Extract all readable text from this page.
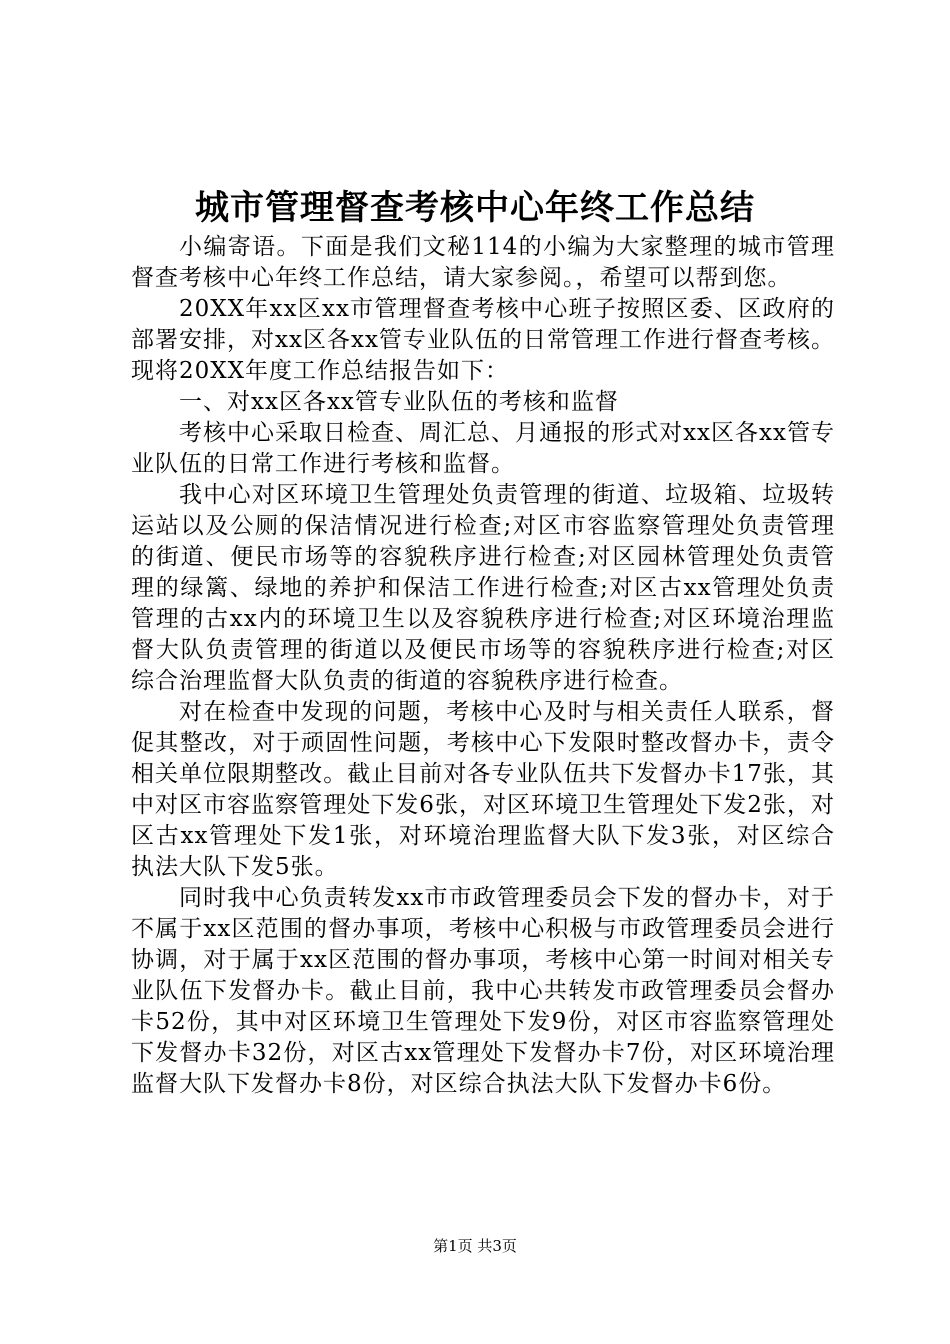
城市管理督查考核中心年终工作总结

小编寄语。下面是我们文秘114的小编为大家整理的城市管理督查考核中心年终工作总结，请大家参阅。，希望可以帮到您。

20XX年xx区xx市管理督查考核中心班子按照区委、区政府的部署安排，对xx区各xx管专业队伍的日常管理工作进行督查考核。现将20XX年度工作总结报告如下：

一、对xx区各xx管专业队伍的考核和监督

考核中心采取日检查、周汇总、月通报的形式对xx区各xx管专业队伍的日常工作进行考核和监督。

我中心对区环境卫生管理处负责管理的街道、垃圾箱、垃圾转运站以及公厕的保洁情况进行检查;对区市容监察管理处负责管理的街道、便民市场等的容貌秩序进行检查;对区园林管理处负责管理的绿篱、绿地的养护和保洁工作进行检查;对区古xx管理处负责管理的古xx内的环境卫生以及容貌秩序进行检查;对区环境治理监督大队负责管理的街道以及便民市场等的容貌秩序进行检查;对区综合治理监督大队负责的街道的容貌秩序进行检查。

对在检查中发现的问题，考核中心及时与相关责任人联系，督促其整改，对于顽固性问题，考核中心下发限时整改督办卡，责令相关单位限期整改。截止目前对各专业队伍共下发督办卡17张，其中对区市容监察管理处下发6张，对区环境卫生管理处下发2张，对区古xx管理处下发1张，对环境治理监督大队下发3张，对区综合执法大队下发5张。

同时我中心负责转发xx市市政管理委员会下发的督办卡，对于不属于xx区范围的督办事项，考核中心积极与市政管理委员会进行协调，对于属于xx区范围的督办事项，考核中心第一时间对相关专业队伍下发督办卡。截止目前，我中心共转发市政管理委员会督办卡52份，其中对区环境卫生管理处下发9份，对区市容监察管理处下发督办卡32份，对区古xx管理处下发督办卡7份，对区环境治理监督大队下发督办卡8份，对区综合执法大队下发督办卡6份。

第1页 共3页
